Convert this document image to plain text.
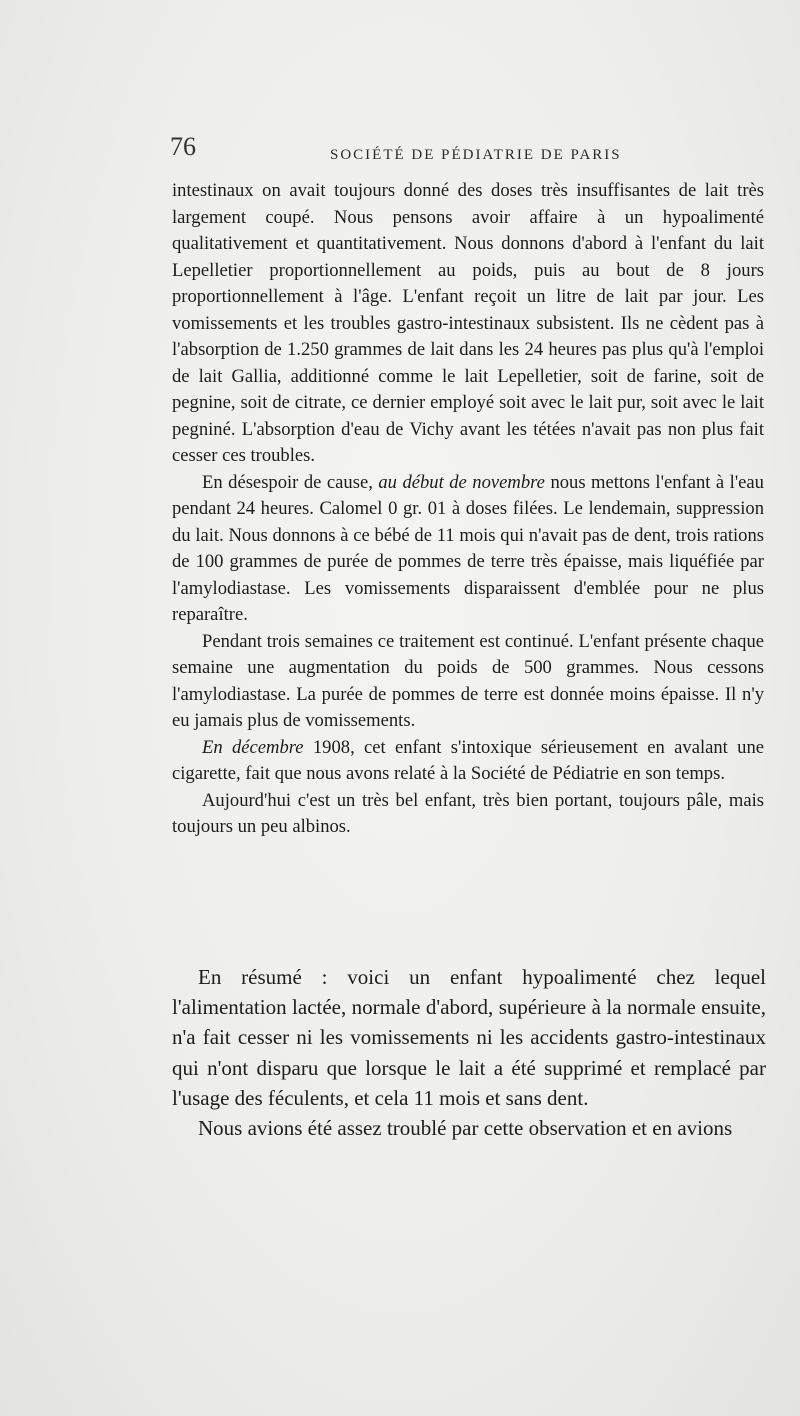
76	SOCIÉTÉ DE PÉDIATRIE DE PARIS

intestinaux on avait toujours donné des doses très insuffisantes de lait très largement coupé. Nous pensons avoir affaire à un hypoalimenté qualitativement et quantitativement. Nous donnons d'abord à l'enfant du lait Lepelletier proportionnellement au poids, puis au bout de 8 jours proportionnellement à l'âge. L'enfant reçoit un litre de lait par jour. Les vomissements et les troubles gastro-intestinaux subsistent. Ils ne cèdent pas à l'absorption de 1.250 grammes de lait dans les 24 heures pas plus qu'à l'emploi de lait Gallia, additionné comme le lait Lepelletier, soit de farine, soit de pegnine, soit de citrate, ce dernier employé soit avec le lait pur, soit avec le lait pegniné. L'absorption d'eau de Vichy avant les tétées n'avait pas non plus fait cesser ces troubles.

En désespoir de cause, au début de novembre nous mettons l'enfant à l'eau pendant 24 heures. Calomel 0 gr. 01 à doses filées. Le lendemain, suppression du lait. Nous donnons à ce bébé de 11 mois qui n'avait pas de dent, trois rations de 100 grammes de purée de pommes de terre très épaisse, mais liquéfiée par l'amylodiastase. Les vomissements disparaissent d'emblée pour ne plus reparaître.

Pendant trois semaines ce traitement est continué. L'enfant présente chaque semaine une augmentation du poids de 500 grammes. Nous cessons l'amylodiastase. La purée de pommes de terre est donnée moins épaisse. Il n'y eu jamais plus de vomissements.

En décembre 1908, cet enfant s'intoxique sérieusement en avalant une cigarette, fait que nous avons relaté à la Société de Pédiatrie en son temps.

Aujourd'hui c'est un très bel enfant, très bien portant, toujours pâle, mais toujours un peu albinos.

En résumé : voici un enfant hypoalimenté chez lequel l'alimentation lactée, normale d'abord, supérieure à la normale ensuite, n'a fait cesser ni les vomissements ni les accidents gastro-intestinaux qui n'ont disparu que lorsque le lait a été supprimé et remplacé par l'usage des féculents, et cela 11 mois et sans dent.

Nous avions été assez troublé par cette observation et en avions
